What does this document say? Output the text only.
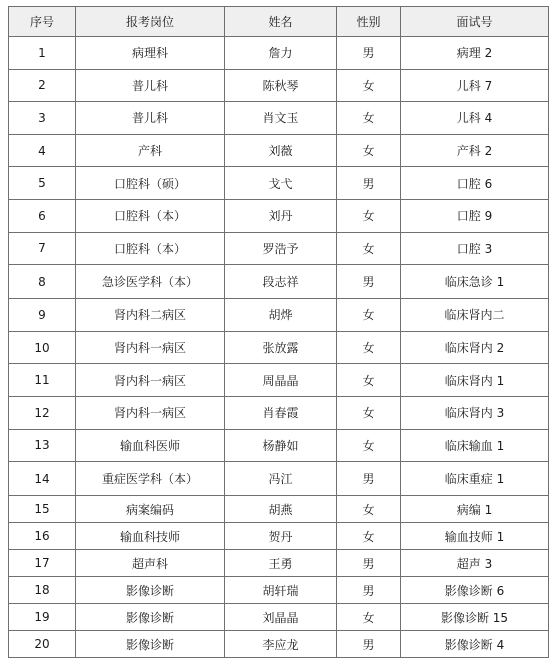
序号	报考岗位	姓名	性别	面试号
1	病理科	詹力	男	病理 2
2	普儿科	陈秋琴	女	儿科 7
3	普儿科	肖文玉	女	儿科 4
4	产科	刘薇	女	产科 2
5	口腔科（硕）	戈弋	男	口腔 6
6	口腔科（本）	刘丹	女	口腔 9
7	口腔科（本）	罗浩予	女	口腔 3
8	急诊医学科（本）	段志祥	男	临床急诊 1
9	肾内科二病区	胡烨	女	临床肾内二
10	肾内科一病区	张放露	女	临床肾内 2
11	肾内科一病区	周晶晶	女	临床肾内 1
12	肾内科一病区	肖春霞	女	临床肾内 3
13	输血科医师	杨静如	女	临床输血 1
14	重症医学科（本）	冯江	男	临床重症 1
15	病案编码	胡燕	女	病编 1
16	输血科技师	贺丹	女	输血技师 1
17	超声科	王勇	男	超声 3
18	影像诊断	胡轩瑞	男	影像诊断 6
19	影像诊断	刘晶晶	女	影像诊断 15
20	影像诊断	李应龙	男	影像诊断 4
